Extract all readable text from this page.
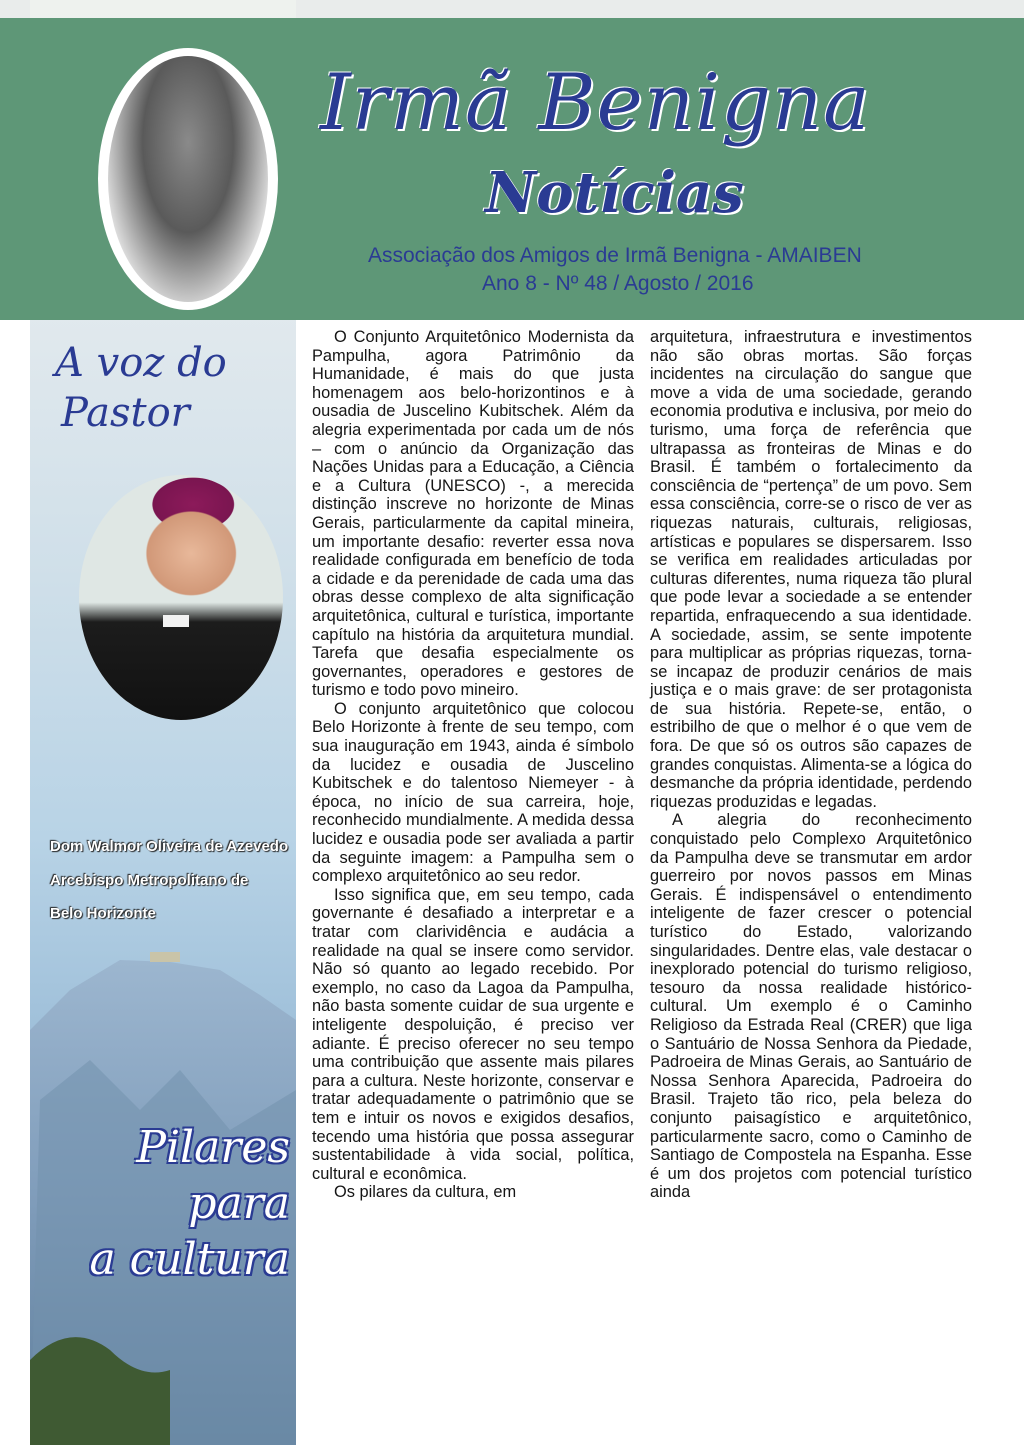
Irmã Benigna
Notícias
Associação dos Amigos de Irmã Benigna - AMAIBEN
Ano 8 - Nº 48 / Agosto / 2016
A voz do
Pastor
Dom Walmor Oliveira de Azevedo
Arcebispo Metropolitano de
Belo Horizonte
Pilares para
a cultura

O Conjunto Arquitetônico Modernista da Pampulha, agora Patrimônio da Humanidade, é mais do que justa homenagem aos belo-horizontinos e à ousadia de Juscelino Kubitschek. Além da alegria experimentada por cada um de nós – com o anúncio da Organização das Nações Unidas para a Educação, a Ciência e a Cultura (UNESCO) -, a merecida distinção inscreve no horizonte de Minas Gerais, particularmente da capital mineira, um importante desafio: reverter essa nova realidade configurada em benefício de toda a cidade e da perenidade de cada uma das obras desse complexo de alta significação arquitetônica, cultural e turística, importante capítulo na história da arquitetura mundial. Tarefa que desafia especialmente os governantes, operadores e gestores de turismo e todo povo mineiro.

O conjunto arquitetônico que colocou Belo Horizonte à frente de seu tempo, com sua inauguração em 1943, ainda é símbolo da lucidez e ousadia de Juscelino Kubitschek e do talentoso Niemeyer - à época, no início de sua carreira, hoje, reconhecido mundialmente. A medida dessa lucidez e ousadia pode ser avaliada a partir da seguinte imagem: a Pampulha sem o complexo arquitetônico ao seu redor.

Isso significa que, em seu tempo, cada governante é desafiado a interpretar e a tratar com clarividência e audácia a realidade na qual se insere como servidor. Não só quanto ao legado recebido. Por exemplo, no caso da Lagoa da Pampulha, não basta somente cuidar de sua urgente e inteligente despoluição, é preciso ver adiante. É preciso oferecer no seu tempo uma contribuição que assente mais pilares para a cultura. Neste horizonte, conservar e tratar adequadamente o patrimônio que se tem e intuir os novos e exigidos desafios, tecendo uma história que possa assegurar sustentabilidade à vida social, política, cultural e econômica.

Os pilares da cultura, em

arquitetura, infraestrutura e investimentos não são obras mortas. São forças incidentes na circulação do sangue que move a vida de uma sociedade, gerando economia produtiva e inclusiva, por meio do turismo, uma força de referência que ultrapassa as fronteiras de Minas e do Brasil. É também o fortalecimento da consciência de “pertença” de um povo. Sem essa consciência, corre-se o risco de ver as riquezas naturais, culturais, religiosas, artísticas e populares se dispersarem. Isso se verifica em realidades articuladas por culturas diferentes, numa riqueza tão plural que pode levar a sociedade a se entender repartida, enfraquecendo a sua identidade. A sociedade, assim, se sente impotente para multiplicar as próprias riquezas, torna-se incapaz de produzir cenários de mais justiça e o mais grave: de ser protagonista de sua história. Repete-se, então, o estribilho de que o melhor é o que vem de fora. De que só os outros são capazes de grandes conquistas. Alimenta-se a lógica do desmanche da própria identidade, perdendo riquezas produzidas e legadas.

A alegria do reconhecimento conquistado pelo Complexo Arquitetônico da Pampulha deve se transmutar em ardor guerreiro por novos passos em Minas Gerais. É indispensável o entendimento inteligente de fazer crescer o potencial turístico do Estado, valorizando singularidades. Dentre elas, vale destacar o inexplorado potencial do turismo religioso, tesouro da nossa realidade histórico-cultural. Um exemplo é o Caminho Religioso da Estrada Real (CRER) que liga o Santuário de Nossa Senhora da Piedade, Padroeira de Minas Gerais, ao Santuário de Nossa Senhora Aparecida, Padroeira do Brasil. Trajeto tão rico, pela beleza do conjunto paisagístico e arquitetônico, particularmente sacro, como o Caminho de Santiago de Compostela na Espanha. Esse é um dos projetos com potencial turístico ainda
